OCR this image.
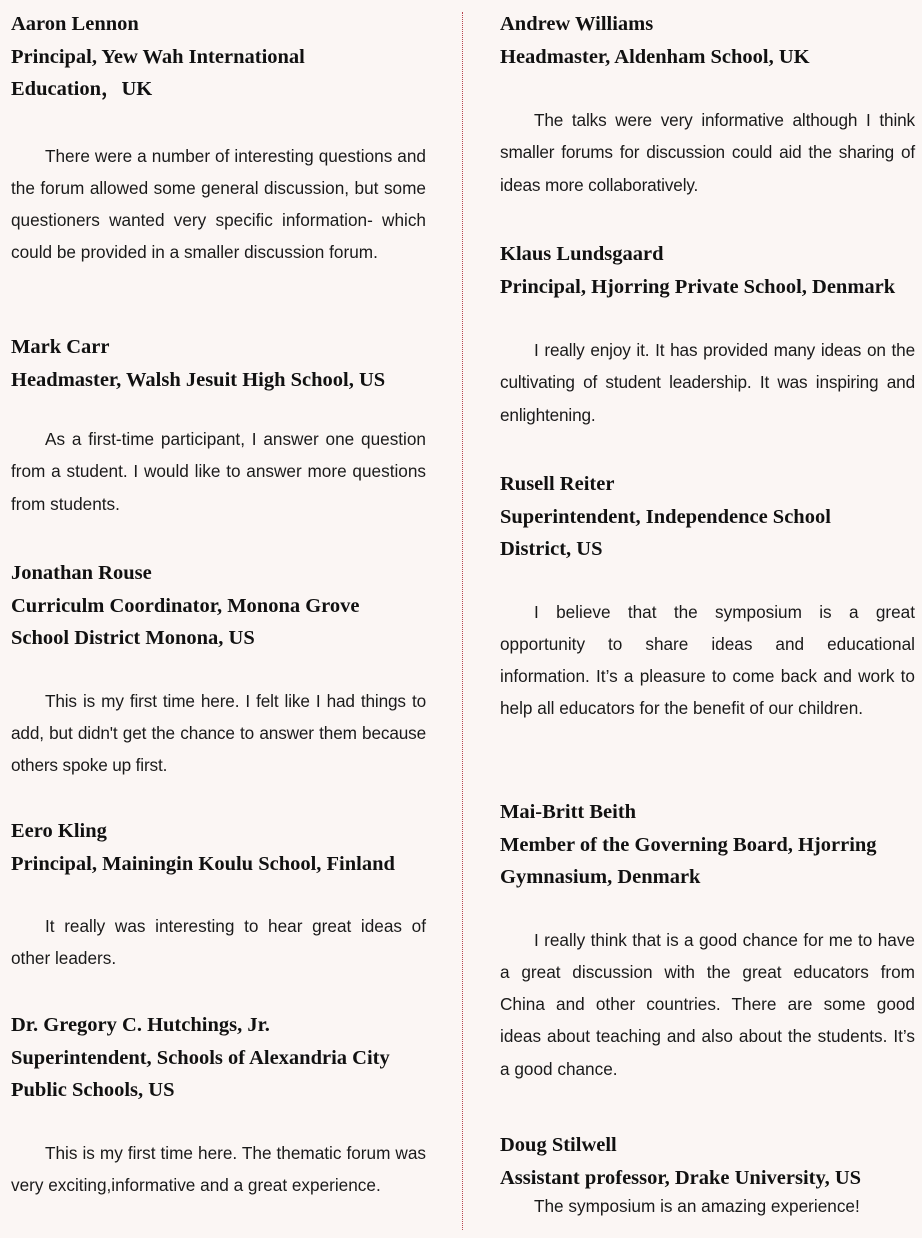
Aaron Lennon

Principal, Yew Wah International Education，UK

There were a number of interesting questions and the forum allowed some general discussion, but some questioners wanted very specific information- which could be provided in a smaller discussion forum.

Mark Carr

Headmaster, Walsh Jesuit High School, US

As a first-time participant, I answer one question from a student. I would like to answer more questions from students.

Jonathan Rouse

Curriculm Coordinator, Monona Grove School District Monona, US

This is my first time here. I felt like I had things to add, but didn't get the chance to answer them because others spoke up first.

Eero Kling

Principal, Mainingin Koulu School, Finland

It really was interesting to hear great ideas of other leaders.

Dr. Gregory C. Hutchings, Jr.

Superintendent, Schools of Alexandria City Public Schools, US

This is my first time here. The thematic forum was very exciting,informative and a great experience.

Andrew Williams

Headmaster, Aldenham School, UK

The talks were very informative although I think smaller forums for discussion could aid the sharing of ideas more collaboratively.

Klaus Lundsgaard

Principal, Hjorring Private School, Denmark

I really enjoy it. It has provided many ideas on the cultivating of student leadership. It was inspiring and enlightening.

Rusell Reiter

Superintendent, Independence School District, US

I believe that the symposium is a great opportunity to share ideas and educational information. It’s a pleasure to come back and work to help all educators for the benefit of our children.

Mai-Britt Beith

Member of the Governing Board, Hjorring Gymnasium, Denmark

I really think that is a good chance for me to have a great discussion with the great educators from China and other countries. There are some good ideas about teaching and also about the students. It’s a good chance.

Doug Stilwell

Assistant professor, Drake University, US

The symposium is an amazing experience!
